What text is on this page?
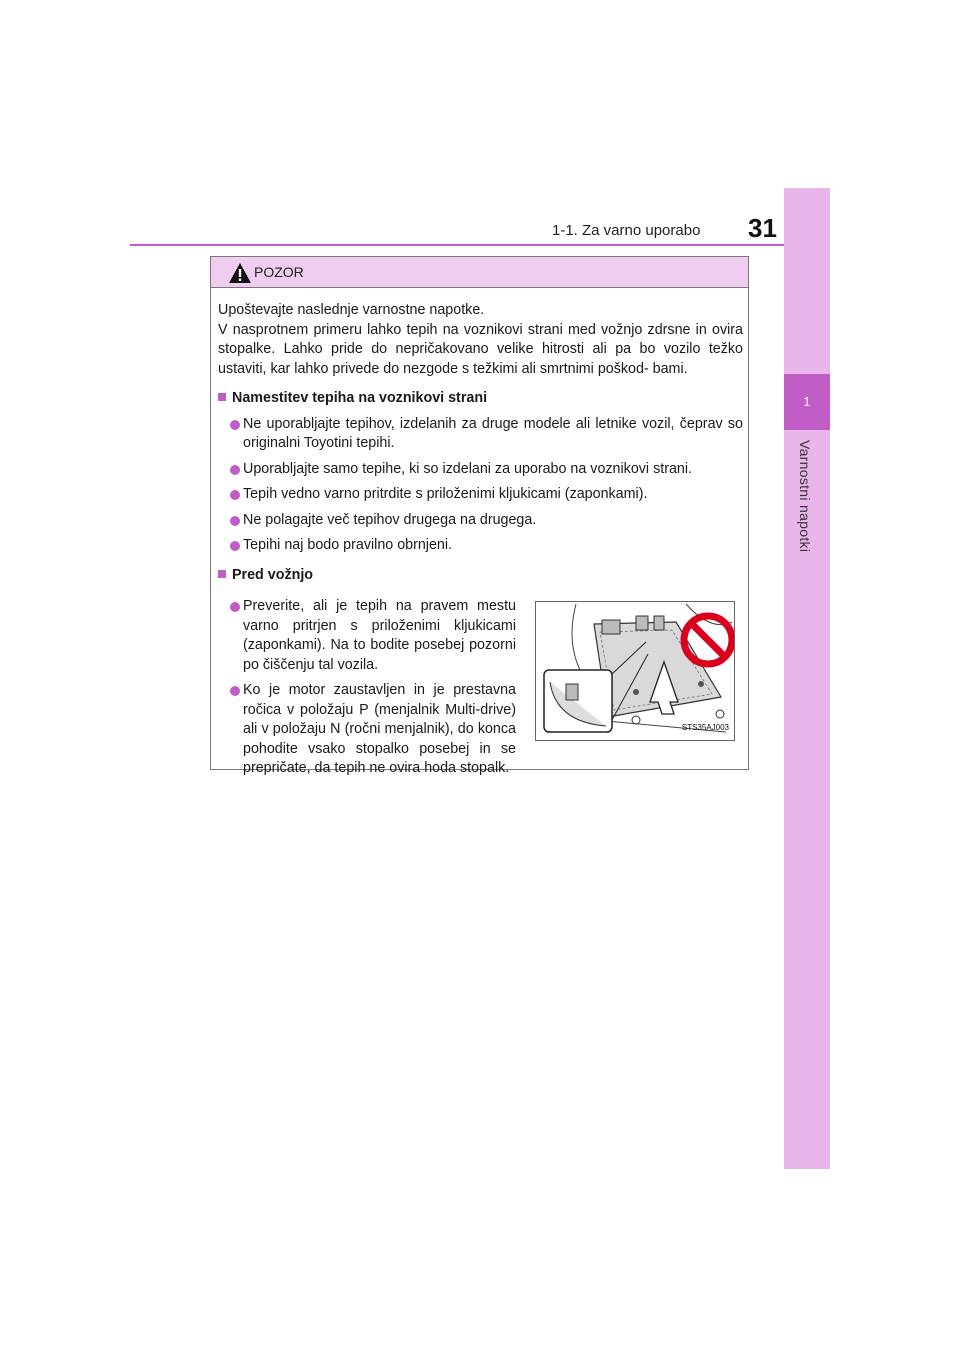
1-1. Za varno uporabo 31
1
Varnostni napotki
POZOR

Upoštevajte naslednje varnostne napotke.

V nasprotnem primeru lahko tepih na voznikovi strani med vožnjo zdrsne in ovira stopalke. Lahko pride do nepričakovano velike hitrosti ali pa bo vozilo težko ustaviti, kar lahko privede do nezgode s težkimi ali smrtnimi poškod- bami.

Namestitev tepiha na voznikovi strani
Ne uporabljajte tepihov, izdelanih za druge modele ali letnike vozil, čeprav so originalni Toyotini tepihi.
Uporabljajte samo tepihe, ki so izdelani za uporabo na voznikovi strani.
Tepih vedno varno pritrdite s priloženimi kljukicami (zaponkami).
Ne polagajte več tepihov drugega na drugega.
Tepihi naj bodo pravilno obrnjeni.
Pred vožnjo
Preverite, ali je tepih na pravem mestu varno pritrjen s priloženimi kljukicami (zaponkami). Na to bodite posebej pozorni po čiščenju tal vozila.
Ko je motor zaustavljen in je prestavna ročica v položaju P (menjalnik Multi-drive) ali v položaju N (ročni menjalnik), do konca pohodite vsako stopalko posebej in se prepričate, da tepih ne ovira hoda stopalk.
STS35AJ003
